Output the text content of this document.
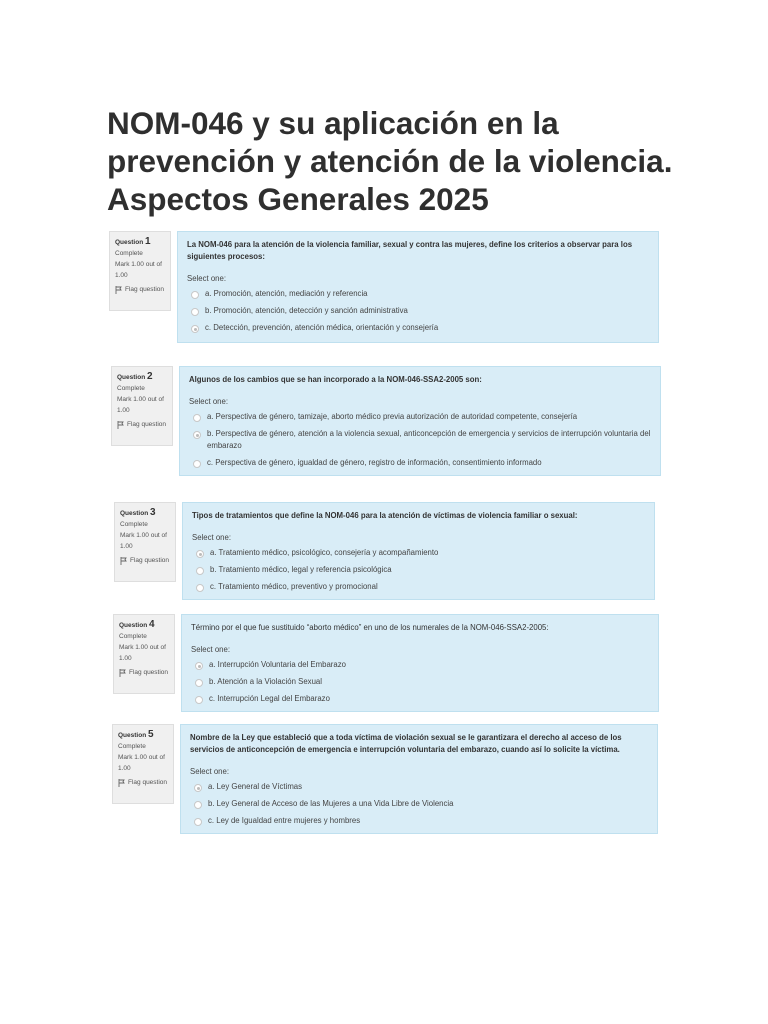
NOM-046 y su aplicación en la prevención y atención de la violencia. Aspectos Generales 2025
Question 1
Complete
Mark 1.00 out of 1.00
Flag question

La NOM-046 para la atención de la violencia familiar, sexual y contra las mujeres, define los criterios a observar para los siguientes procesos:

Select one:

a. Promoción, atención, mediación y referencia
b. Promoción, atención, detección y sanción administrativa
c. Detección, prevención, atención médica, orientación y consejería
Question 2
Complete
Mark 1.00 out of 1.00
Flag question

Algunos de los cambios que se han incorporado a la NOM-046-SSA2-2005 son:

Select one:

a. Perspectiva de género, tamizaje, aborto médico previa autorización de autoridad competente, consejería
b. Perspectiva de género, atención a la violencia sexual, anticoncepción de emergencia y servicios de interrupción voluntaria del embarazo
c. Perspectiva de género, igualdad de género, registro de información, consentimiento informado
Question 3
Complete
Mark 1.00 out of 1.00
Flag question

Tipos de tratamientos que define la NOM-046 para la atención de víctimas de violencia familiar o sexual:

Select one:

a. Tratamiento médico, psicológico, consejería y acompañamiento
b. Tratamiento médico, legal y referencia psicológica
c. Tratamiento médico, preventivo y promocional
Question 4
Complete
Mark 1.00 out of 1.00
Flag question

Término por el que fue sustituido “aborto médico” en uno de los numerales de la NOM-046-SSA2-2005:

Select one:

a. Interrupción Voluntaria del Embarazo
b. Atención a la Violación Sexual
c. Interrupción Legal del Embarazo
Question 5
Complete
Mark 1.00 out of 1.00
Flag question

Nombre de la Ley que estableció que a toda víctima de violación sexual se le garantizara el derecho al acceso de los servicios de anticoncepción de emergencia e interrupción voluntaria del embarazo, cuando así lo solicite la víctima.

Select one:

a. Ley General de Víctimas
b. Ley General de Acceso de las Mujeres a una Vida Libre de Violencia
c. Ley de Igualdad entre mujeres y hombres
